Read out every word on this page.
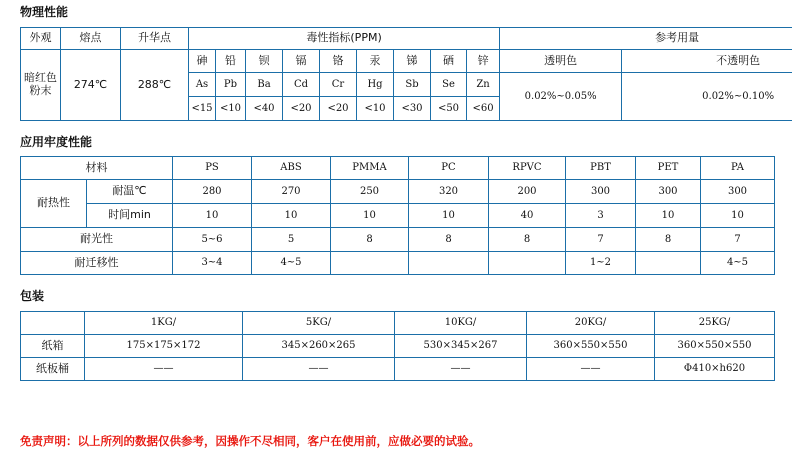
物理性能
外观	熔点	升华点	毒性指标(PPM)									参考用量	
暗红色粉末	274℃	288℃	砷	铅	钡	镉	铬	汞	锑	硒	锌	透明色	不透明色
			As	Pb	Ba	Cd	Cr	Hg	Sb	Se	Zn	0.02%~0.05%	0.02%~0.10%
			<15	<10	<40	<20	<20	<10	<30	<50	<60		
应用牢度性能
材料		PS	ABS	PMMA	PC	RPVC	PBT	PET	PA
耐热性	耐温℃	280	270	250	320	200	300	300	300
	时间min	10	10	10	10	40	3	10	10
耐光性		5~6	5	8	8	8	7	8	7
耐迁移性		3~4	4~5				1~2		4~5
包装
	1KG/	5KG/	10KG/	20KG/	25KG/
纸箱	175×175×172	345×260×265	530×345×267	360×550×550	360×550×550
纸板桶	——	——	——	——	Φ410×h620
免责声明：以上所列的数据仅供参考，因操作不尽相同，客户在使用前，应做必要的试验。
